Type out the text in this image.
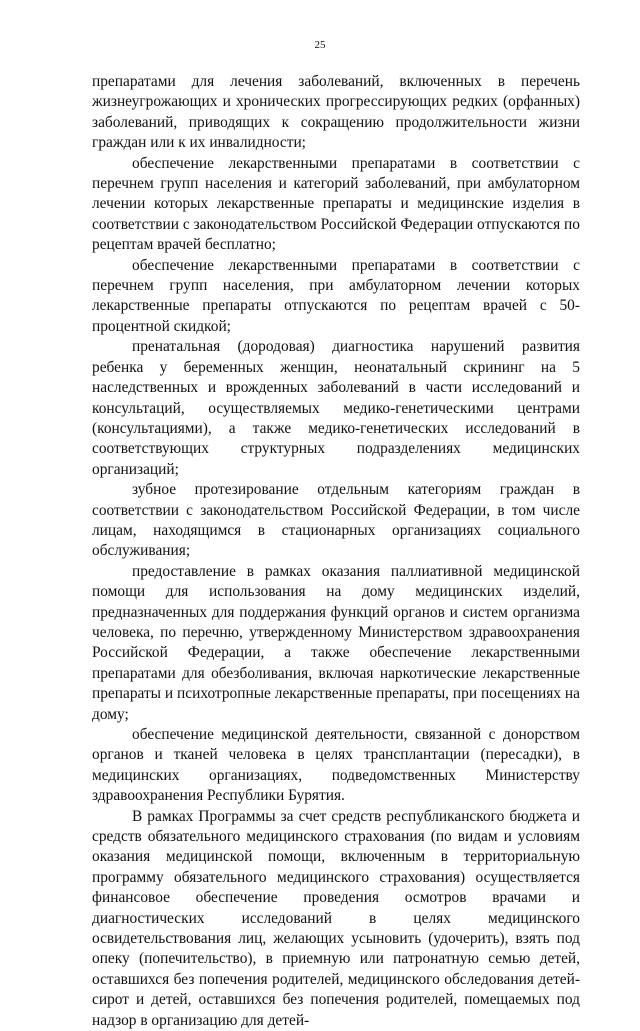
25

препаратами для лечения заболеваний, включенных в перечень жизнеугрожающих и хронических прогрессирующих редких (орфанных) заболеваний, приводящих к сокращению продолжительности жизни граждан или к их инвалидности;

обеспечение лекарственными препаратами в соответствии с перечнем групп населения и категорий заболеваний, при амбулаторном лечении которых лекарственные препараты и медицинские изделия в соответствии с законодательством Российской Федерации отпускаются по рецептам врачей бесплатно;

обеспечение лекарственными препаратами в соответствии с перечнем групп населения, при амбулаторном лечении которых лекарственные препараты отпускаются по рецептам врачей с 50-процентной скидкой;

пренатальная (дородовая) диагностика нарушений развития ребенка у беременных женщин, неонатальный скрининг на 5 наследственных и врожденных заболеваний в части исследований и консультаций, осуществляемых медико-генетическими центрами (консультациями), а также медико-генетических исследований в соответствующих структурных подразделениях медицинских организаций;

зубное протезирование отдельным категориям граждан в соответствии с законодательством Российской Федерации, в том числе лицам, находящимся в стационарных организациях социального обслуживания;

предоставление в рамках оказания паллиативной медицинской помощи для использования на дому медицинских изделий, предназначенных для поддержания функций органов и систем организма человека, по перечню, утвержденному Министерством здравоохранения Российской Федерации, а также обеспечение лекарственными препаратами для обезболивания, включая наркотические лекарственные препараты и психотропные лекарственные препараты, при посещениях на дому;

обеспечение медицинской деятельности, связанной с донорством органов и тканей человека в целях трансплантации (пересадки), в медицинских организациях, подведомственных Министерству здравоохранения Республики Бурятия.

В рамках Программы за счет средств республиканского бюджета и средств обязательного медицинского страхования (по видам и условиям оказания медицинской помощи, включенным в территориальную программу обязательного медицинского страхования) осуществляется финансовое обеспечение проведения осмотров врачами и диагностических исследований в целях медицинского освидетельствования лиц, желающих усыновить (удочерить), взять под опеку (попечительство), в приемную или патронатную семью детей, оставшихся без попечения родителей, медицинского обследования детей-сирот и детей, оставшихся без попечения родителей, помещаемых под надзор в организацию для детей-
